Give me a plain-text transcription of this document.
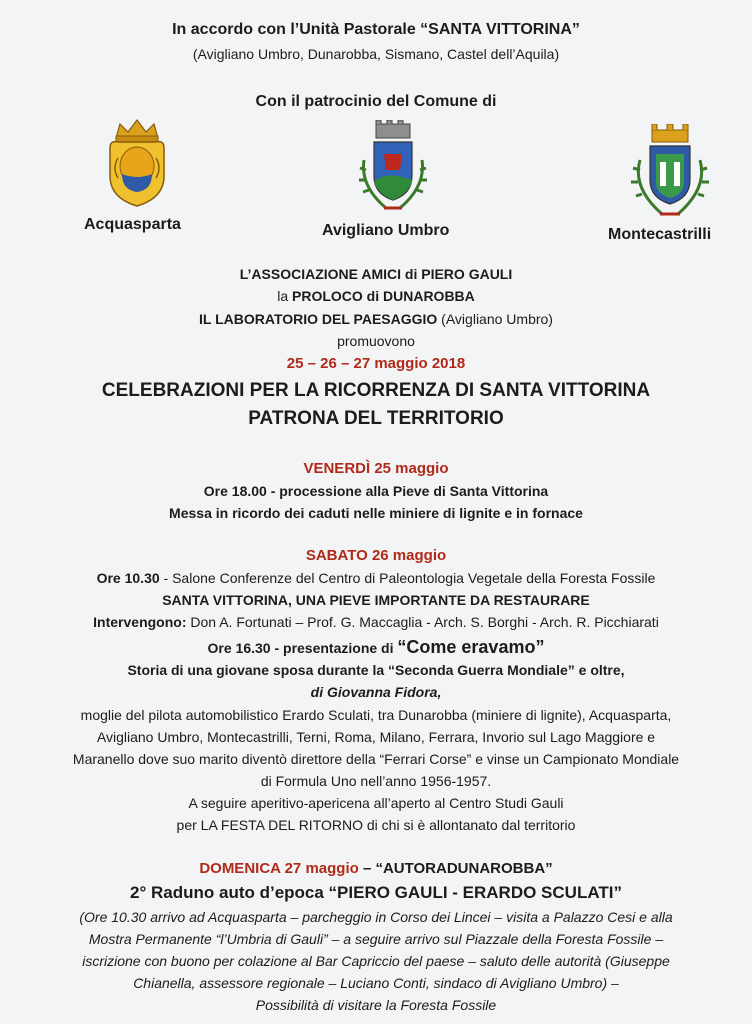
In accordo con l’Unità Pastorale “SANTA VITTORINA”
(Avigliano Umbro, Dunarobba, Sismano, Castel dell’Aquila)
Con il patrocinio del Comune di
Acquasparta	Avigliano Umbro	Montecastrilli
L’ASSOCIAZIONE AMICI di PIERO GAULI
la PROLOCO di DUNAROBBA
IL LABORATORIO DEL PAESAGGIO (Avigliano Umbro)
promuovono
25 – 26 – 27 maggio 2018
CELEBRAZIONI PER LA RICORRENZA DI SANTA VITTORINA
PATRONA DEL TERRITORIO
VENERDÌ 25 maggio
Ore 18.00 - processione alla Pieve di Santa Vittorina
Messa in ricordo dei caduti nelle miniere di lignite e in fornace
SABATO 26 maggio
Ore 10.30 - Salone Conferenze del Centro di Paleontologia Vegetale della Foresta Fossile
SANTA VITTORINA, UNA PIEVE IMPORTANTE DA RESTAURARE
Intervengono: Don A. Fortunati – Prof. G. Maccaglia - Arch. S. Borghi - Arch. R. Picchiarati
Ore 16.30 - presentazione di “Come eravamo”
Storia di una giovane sposa durante la “Seconda Guerra Mondiale” e oltre,
di Giovanna Fidora,
moglie del pilota automobilistico Erardo Sculati, tra Dunarobba (miniere di lignite), Acquasparta,
Avigliano Umbro, Montecastrilli, Terni, Roma, Milano, Ferrara, Invorio sul Lago Maggiore e
Maranello dove suo marito diventò direttore della “Ferrari Corse” e vinse un Campionato Mondiale
di Formula Uno nell’anno 1956-1957.
A seguire aperitivo-apericena all’aperto al Centro Studi Gauli
per LA FESTA DEL RITORNO di chi si è allontanato dal territorio
DOMENICA 27 maggio – “AUTORADUNAROBBA”
2° Raduno auto d’epoca “PIERO GAULI - ERARDO SCULATI”
(Ore 10.30 arrivo ad Acquasparta – parcheggio in Corso dei Lincei – visita a Palazzo Cesi e alla
Mostra Permanente “l’Umbria di Gauli” – a seguire arrivo sul Piazzale della Foresta Fossile –
iscrizione con buono per colazione al Bar Capriccio del paese – saluto delle autorità (Giuseppe
Chianella, assessore regionale – Luciano Conti, sindaco di Avigliano Umbro) –
Possibilità di visitare la Foresta Fossile
